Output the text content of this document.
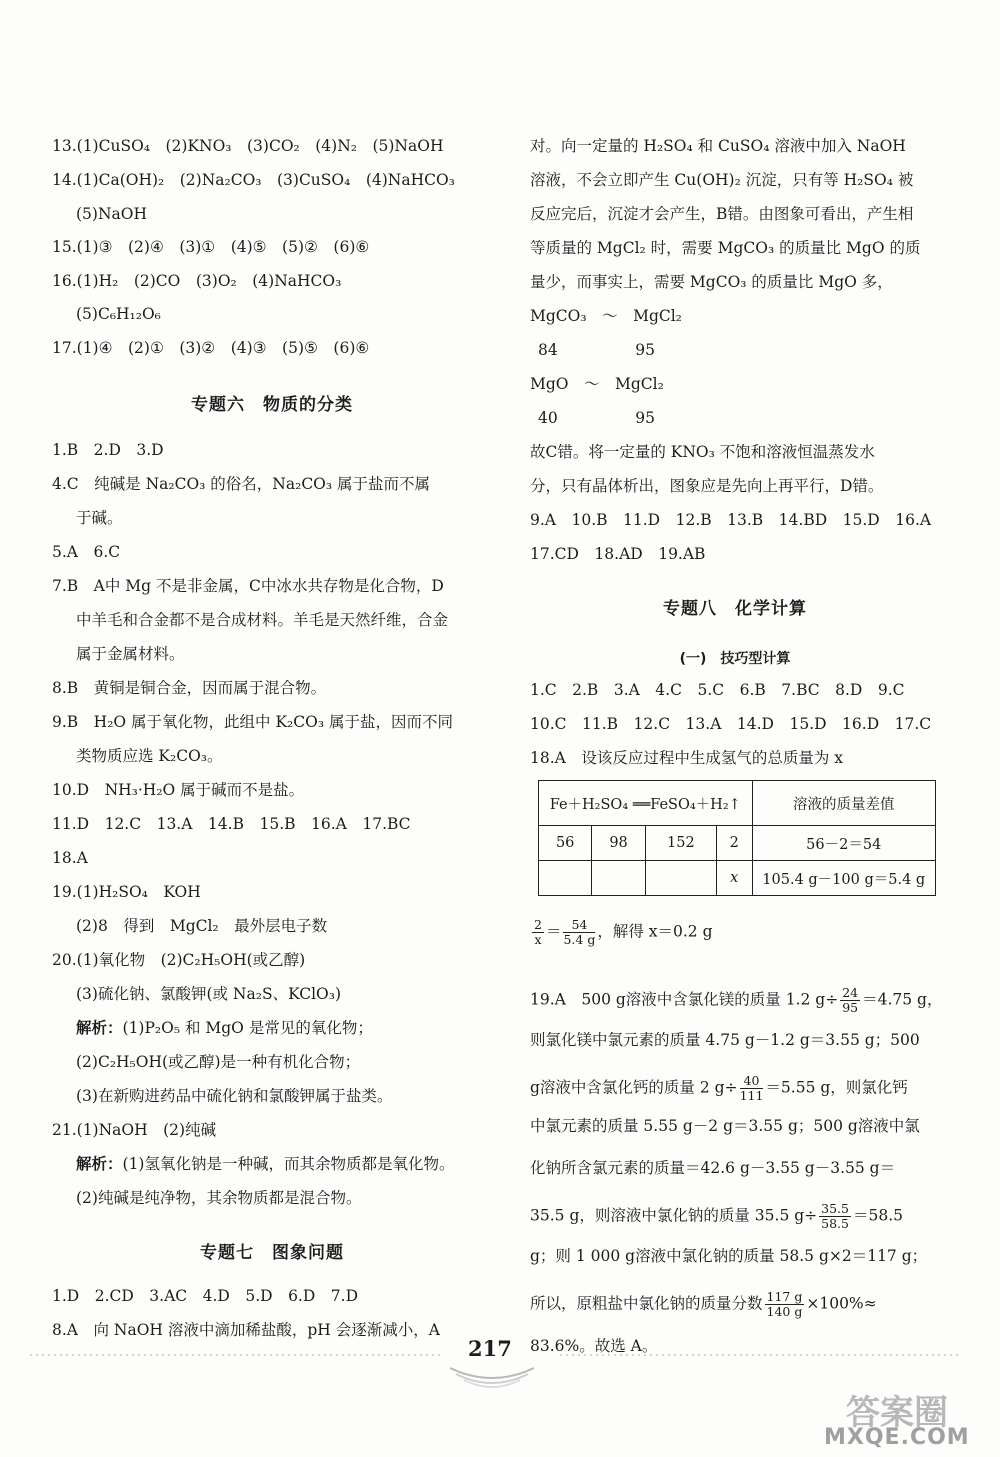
13.(1)CuSO₄　(2)KNO₃　(3)CO₂　(4)N₂　(5)NaOH
14.(1)Ca(OH)₂　(2)Na₂CO₃　(3)CuSO₄　(4)NaHCO₃
(5)NaOH
15.(1)③　(2)④　(3)①　(4)⑤　(5)②　(6)⑥
16.(1)H₂　(2)CO　(3)O₂　(4)NaHCO₃
(5)C₆H₁₂O₆
17.(1)④　(2)①　(3)②　(4)③　(5)⑤　(6)⑥
专题六　物质的分类
1.B　2.D　3.D
4.C　纯碱是 Na₂CO₃ 的俗名，Na₂CO₃ 属于盐而不属
于碱。
5.A　6.C
7.B　A中 Mg 不是非金属，C中冰水共存物是化合物，D
中羊毛和合金都不是合成材料。羊毛是天然纤维，合金
属于金属材料。
8.B　黄铜是铜合金，因而属于混合物。
9.B　H₂O 属于氧化物，此组中 K₂CO₃ 属于盐，因而不同
类物质应选 K₂CO₃。
10.D　NH₃·H₂O 属于碱而不是盐。
11.D　12.C　13.A　14.B　15.B　16.A　17.BC
18.A
19.(1)H₂SO₄　KOH
(2)8　得到　MgCl₂　最外层电子数
20.(1)氧化物　(2)C₂H₅OH(或乙醇)
(3)硫化钠、氯酸钾(或 Na₂S、KClO₃)
解析：(1)P₂O₅ 和 MgO 是常见的氧化物；
(2)C₂H₅OH(或乙醇)是一种有机化合物；
(3)在新购进药品中硫化钠和氯酸钾属于盐类。
21.(1)NaOH　(2)纯碱
解析：(1)氢氧化钠是一种碱，而其余物质都是氧化物。
(2)纯碱是纯净物，其余物质都是混合物。
专题七　图象问题
1.D　2.CD　3.AC　4.D　5.D　6.D　7.D
8.A　向 NaOH 溶液中滴加稀盐酸，pH 会逐渐减小，A
对。向一定量的 H₂SO₄ 和 CuSO₄ 溶液中加入 NaOH
溶液，不会立即产生 Cu(OH)₂ 沉淀，只有等 H₂SO₄ 被
反应完后，沉淀才会产生，B错。由图象可看出，产生相
等质量的 MgCl₂ 时，需要 MgCO₃ 的质量比 MgO 的质
量少，而事实上，需要 MgCO₃ 的质量比 MgO 多，
MgCO₃　～　MgCl₂
84　　　　　95
MgO　～　MgCl₂
40　　　　　95
故C错。将一定量的 KNO₃ 不饱和溶液恒温蒸发水
分，只有晶体析出，图象应是先向上再平行，D错。
9.A　10.B　11.D　12.B　13.B　14.BD　15.D　16.A
17.CD　18.AD　19.AB
专题八　化学计算
(一)　技巧型计算
1.C　2.B　3.A　4.C　5.C　6.B　7.BC　8.D　9.C
10.C　11.B　12.C　13.A　14.D　15.D　16.D　17.C
18.A　设该反应过程中生成氢气的总质量为 x
Fe＋H₂SO₄ ══FeSO₄＋H₂↑				溶液的质量差值
56	98	152	2	56－2＝54
			x	105.4 g－100 g＝5.4 g
$\frac{2}{x} = \frac{54}{5.4 g}$ ，解得 x＝0.2 g
19.A　500 g溶液中含氯化镁的质量 1.2 $g\div \frac{24}{95} =4.75$ g，
则氯化镁中氯元素的质量 4.75 g－1.2 g＝3.55 g；500
g溶液中含氯化钙的质量 2 $g\div \frac{40}{111} =5.55$ g，则氯化钙
中氯元素的质量 5.55 g－2 g＝3.55 g；500 g溶液中氯
化钠所含氯元素的质量＝42.6 g－3.55 g－3.55 g＝
35.5 g，则溶液中氯化钠的质量 35.5 $g\div \frac{35.5}{58.5} =58.5$
g；则 1 000 g溶液中氯化钠的质量 58.5 g×2＝117 g；
所以，原粗盐中氯化钠的质量分数 $\frac{117 g}{140 g} \times 100\%\approx$
83.6%。故选 A。
217
答案圈
MXQE.COM
